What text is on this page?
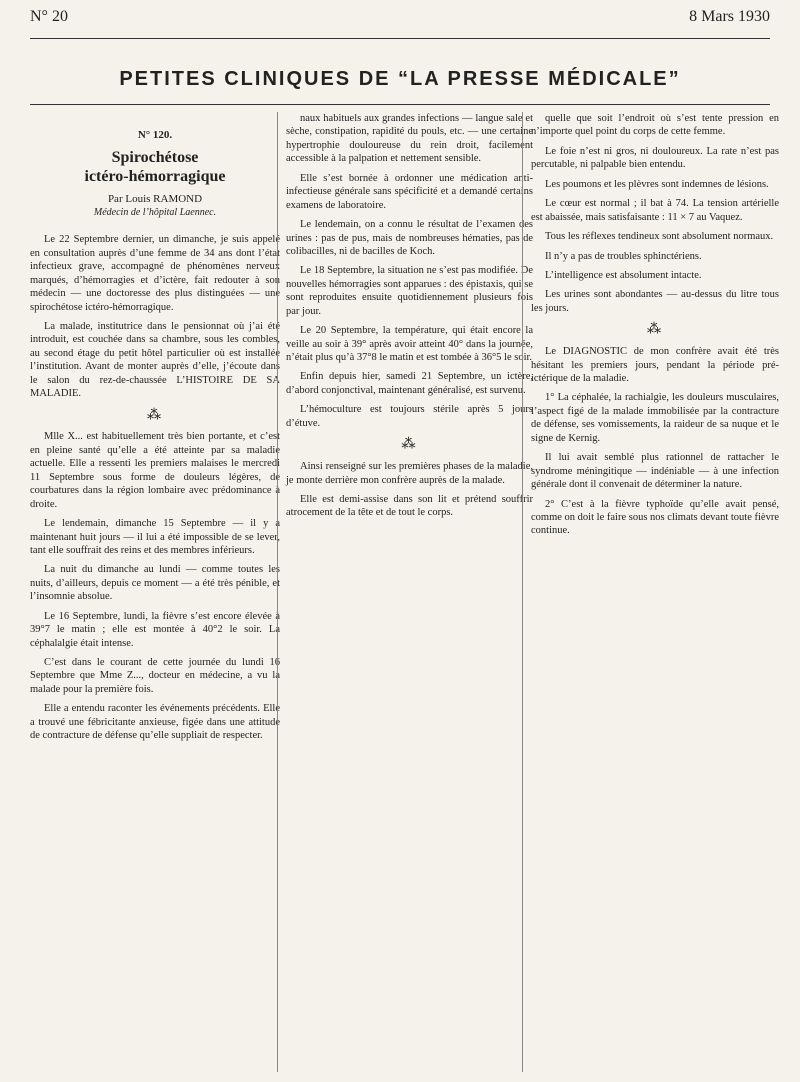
N° 20	8 Mars 1930
PETITES CLINIQUES DE “LA PRESSE MÉDICALE”
N° 120.
Spirochétose
ictéro-hémorragique
Par Louis RAMOND
Médecin de l’hôpital Laennec.

Le 22 Septembre dernier, un dimanche, je suis appelé en consultation auprès d’une femme de 34 ans dont l’état infectieux grave, accompagné de phénomènes nerveux marqués, d’hémorragies et d’ictère, fait redouter à son médecin — une doctoresse des plus distinguées — une spirochétose ictéro-hémorragique.

La malade, institutrice dans le pensionnat où j’ai été introduit, est couchée dans sa chambre, sous les combles, au second étage du petit hôtel particulier où est installée l’institution. Avant de monter auprès d’elle, j’écoute dans le salon du rez-de-chaussée L’HISTOIRE DE SA MALADIE.

⁂

Mlle X... est habituellement très bien portante, et c’est en pleine santé qu’elle a été atteinte par sa maladie actuelle. Elle a ressenti les premiers malaises le mercredi 11 Septembre sous forme de douleurs légères, de courbatures dans la région lombaire avec prédominance à droite.

Le lendemain, dimanche 15 Septembre — il y a maintenant huit jours — il lui a été impossible de se lever, tant elle souffrait des reins et des membres inférieurs.

La nuit du dimanche au lundi — comme toutes les nuits, d’ailleurs, depuis ce moment — a été très pénible, et l’insomnie absolue.

Le 16 Septembre, lundi, la fièvre s’est encore élevée à 39°7 le matin ; elle est montée à 40°2 le soir. La céphalalgie était intense.

C’est dans le courant de cette journée du lundi 16 Septembre que Mme Z..., docteur en médecine, a vu la malade pour la première fois.

Elle a entendu raconter les événements précédents. Elle a trouvé une fébricitante anxieuse, figée dans une attitude de contracture de défense qu’elle suppliait de respecter.

naux habituels aux grandes infections — langue sale et sèche, constipation, rapidité du pouls, etc. — une certaine hypertrophie douloureuse du rein droit, facilement accessible à la palpation et nettement sensible.

Elle s’est bornée à ordonner une médication anti-infectieuse générale sans spécificité et a demandé certains examens de laboratoire.

Le lendemain, on a connu le résultat de l’examen des urines : pas de pus, mais de nombreuses hématies, pas de colibacilles, ni de bacilles de Koch.

Le 18 Septembre, la situation ne s’est pas modifiée. De nouvelles hémorragies sont apparues : des épistaxis, qui se sont reproduites ensuite quotidiennement plusieurs fois par jour.

Le 20 Septembre, la température, qui était encore la veille au soir à 39° après avoir atteint 40° dans la journée, n’était plus qu’à 37°8 le matin et est tombée à 36°5 le soir.

Enfin depuis hier, samedi 21 Septembre, un ictère, d’abord conjonctival, maintenant généralisé, est survenu.

L’hémoculture est toujours stérile après 5 jours d’étuve.

⁂

Ainsi renseigné sur les premières phases de la maladie, je monte derrière mon confrère auprès de la malade.

Elle est demi-assise dans son lit et prétend souffrir atrocement de la tête et de tout le corps.

quelle que soit l’endroit où s’est tente pression en n’importe quel point du corps de cette femme.

Le foie n’est ni gros, ni douloureux. La rate n’est pas percutable, ni palpable bien entendu.

Les poumons et les plèvres sont indemnes de lésions.

Le cœur est normal ; il bat à 74. La tension artérielle est abaissée, mais satisfaisante : 11 × 7 au Vaquez.

Tous les réflexes tendineux sont absolument normaux.

Il n’y a pas de troubles sphinctériens.

L’intelligence est absolument intacte.

Les urines sont abondantes — au-dessus du litre tous les jours.

⁂

Le DIAGNOSTIC de mon confrère avait été très hésitant les premiers jours, pendant la période pré-ictérique de la maladie.

1° La céphalée, la rachialgie, les douleurs musculaires, l’aspect figé de la malade immobilisée par la contracture de défense, ses vomissements, la raideur de sa nuque et le signe de Kernig.

Il lui avait semblé plus rationnel de rattacher le syndrome méningitique — indéniable — à une infection générale dont il convenait de déterminer la nature.

2° C’est à la fièvre typhoïde qu’elle avait pensé, comme on doit le faire sous nos climats devant toute fièvre continue.
